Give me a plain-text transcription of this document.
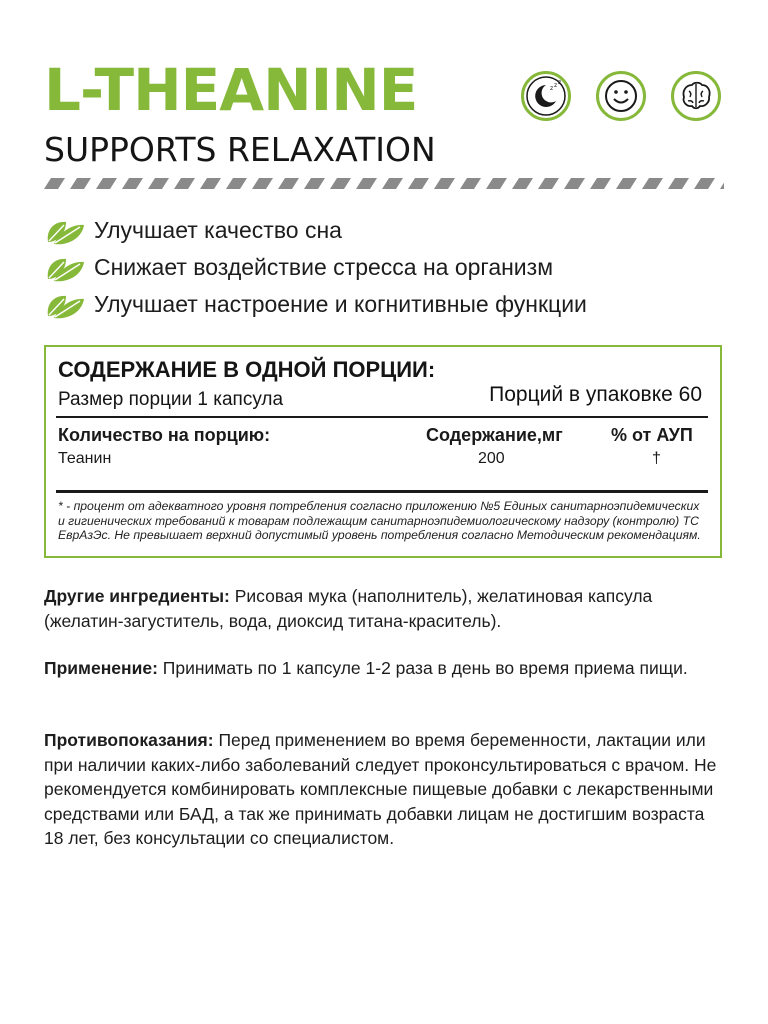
L-THEANINE
SUPPORTS RELAXATION
z z z
Улучшает качество сна
Снижает воздействие стресса на организм
Улучшает настроение и когнитивные функции
СОДЕРЖАНИЕ В ОДНОЙ ПОРЦИИ:
Размер порции 1 капсула	Порций в упаковке 60
Количество на порцию:	Содержание,мг	% от АУП
Теанин	200	†
* - процент от адекватного уровня потребления согласно приложению №5 Единых санитарноэпидемических и гигиенических требований к товарам подлежащим санитарноэпидемиологическому надзору (контролю) ТС ЕврАзЭс. Не превышает верхний допустимый уровень потребления согласно Методическим рекомендациям.

Другие ингредиенты: Рисовая мука (наполнитель), желатиновая капсула (желатин-загуститель, вода, диоксид титана-краситель).

Применение: Принимать по 1 капсуле 1-2 раза в день во время приема пищи.

Противопоказания: Перед применением во время беременности, лактации или при наличии каких-либо заболеваний следует проконсультироваться с врачом. Не рекомендуется комбинировать комплексные пищевые добавки с лекарственными средствами или БАД, а так же принимать добавки лицам не достигшим возраста 18 лет, без консультации со специалистом.
